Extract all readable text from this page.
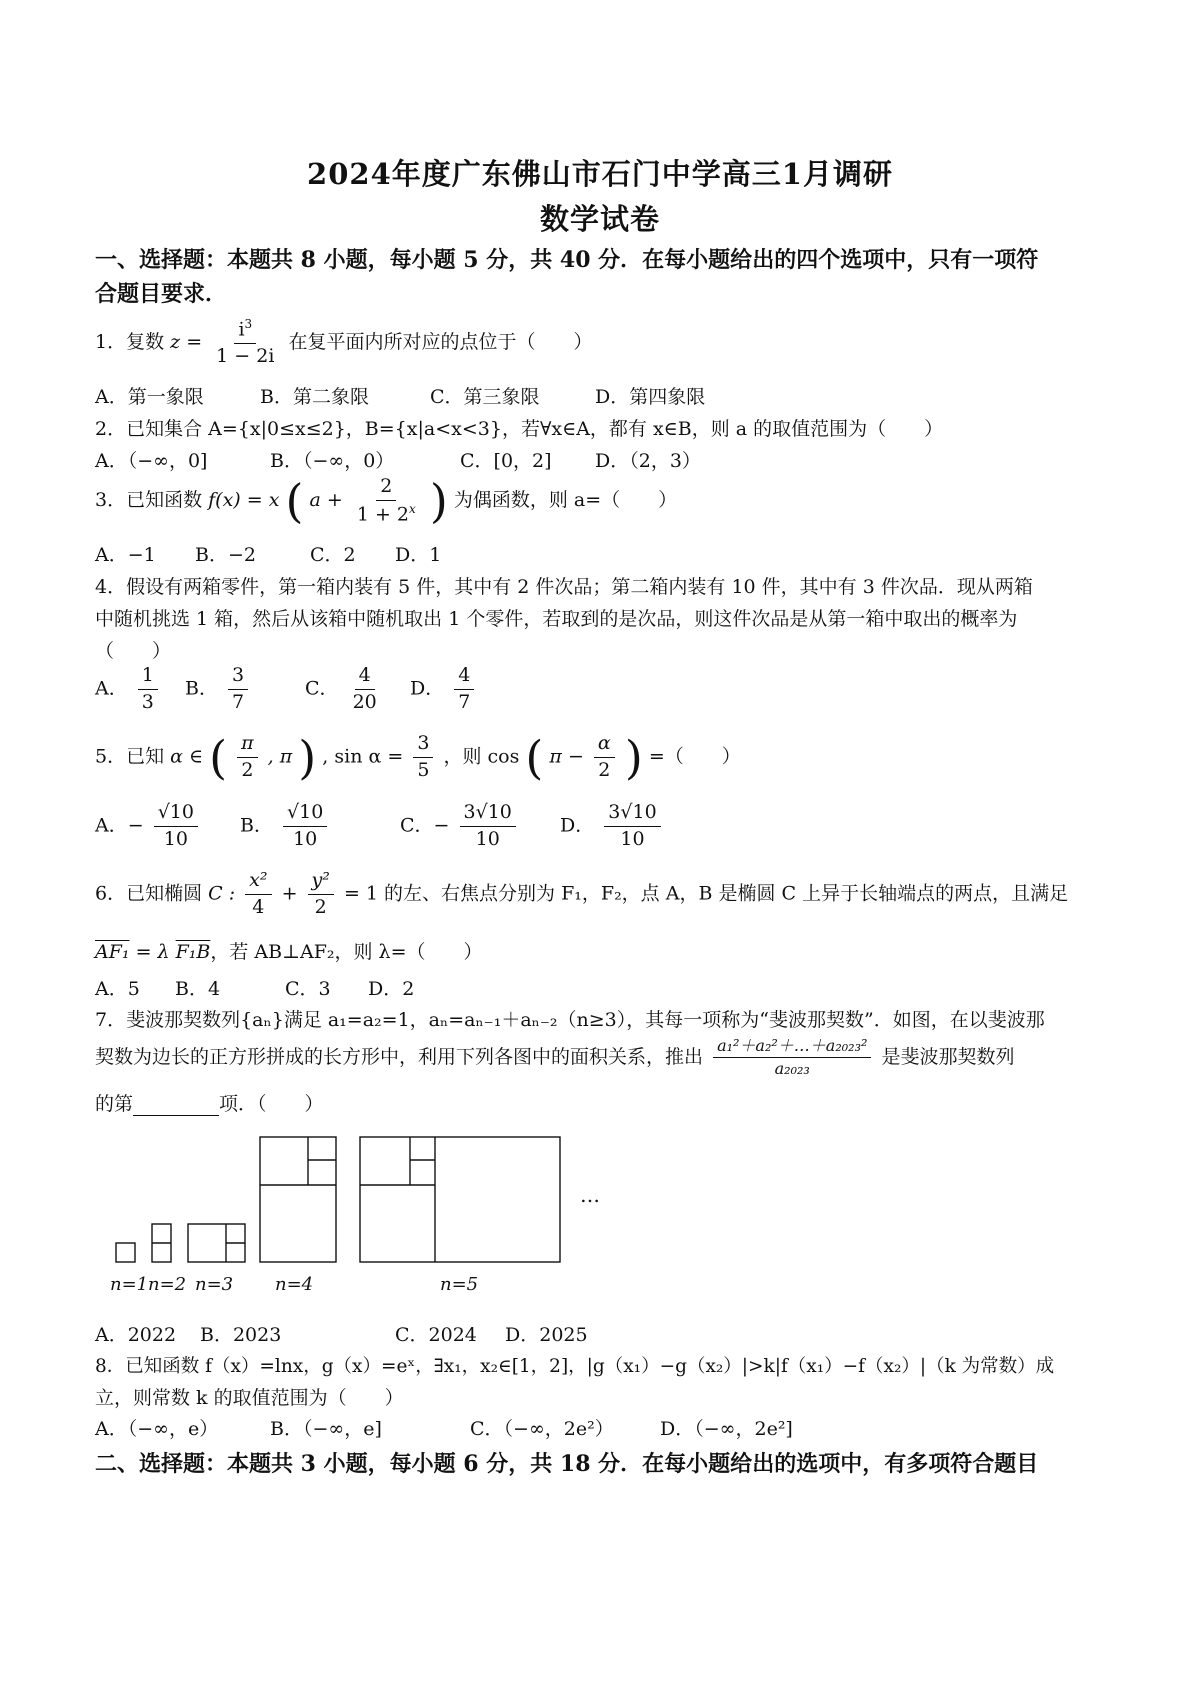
2024年度广东佛山市石门中学高三1月调研
数学试卷
一、选择题：本题共 8 小题，每小题 5 分，共 40 分．在每小题给出的四个选项中，只有一项符
合题目要求．
1．复数 $z = \frac{i^3}{1 - 2i}$ 在复平面内所对应的点位于（　　）
A．第一象限	B．第二象限	C．第三象限	D．第四象限
2．已知集合 A={x|0≤x≤2}，B={x|a<x<3}，若∀x∈A，都有 x∈B，则 a 的取值范围为（　　）
A．（−∞，0]	B．（−∞，0）	C．[0，2] D．（2，3）
3．已知函数 f(x) = x ( $a + \frac{2}{1 + 2^x}$ ) 为偶函数，则 a=（　　）
A．−1 B．−2	C．2 D．1
4．假设有两箱零件，第一箱内装有 5 件，其中有 2 件次品；第二箱内装有 10 件，其中有 3 件次品．现从两箱
中随机挑选 1 箱，然后从该箱中随机取出 1 个零件，若取到的是次品，则这件次品是从第一箱中取出的概率为
（　　）
A． $\frac{1}{3}$ B． $\frac{3}{7}$	C． $\frac{4}{20}$ D． $\frac{4}{7}$
5．已知 α ∈ ( $\frac{\pi}{2}$ , π ) , $\sin \alpha = \frac{3}{5}$ ，则 cos ( $\pi - \frac{\alpha}{2}$ ) =（　　）
A．− $\frac{√10}{10}$ B． $\frac{√10}{10}$	C．− $\frac{3√10}{10}$ D． $\frac{3√10}{10}$
6．已知椭圆 C : $\frac{\text{x²}}{4} + \frac{\text{y²}}{2} = 1$ 的左、右焦点分别为 F₁，F₂，点 A，B 是椭圆 C 上异于长轴端点的两点，且满足
AF₁ = λ F₁B，若 AB⊥AF₂，则 λ=（　　）
A．5 B．4	C．3 D．2
7．斐波那契数列{aₙ}满足 a₁=a₂=1，aₙ=aₙ₋₁＋aₙ₋₂（n≥3），其每一项称为“斐波那契数”．如图，在以斐波那
契数为边长的正方形拼成的长方形中，利用下列各图中的面积关系，推出 $\frac{\text{a₁²＋a₂²＋…＋a₂₀₂₃²}}{\text{a₂₀₂₃}}$ 是斐波那契数列
的第	项．（　　）
n=1 n=2 n=3 n=4	n=5
…
A．2022 B．2023	C．2024 D．2025
8．已知函数 f（x）=lnx，g（x）=eˣ，∃x₁，x₂∈[1，2]，|g（x₁）−g（x₂）|>k|f（x₁）−f（x₂）|（k 为常数）成
立，则常数 k 的取值范围为（　　）
A．（−∞，e）	B．（−∞，e]	C．（−∞，2e²） D．（−∞，2e²]
二、选择题：本题共 3 小题，每小题 6 分，共 18 分．在每小题给出的选项中，有多项符合题目
